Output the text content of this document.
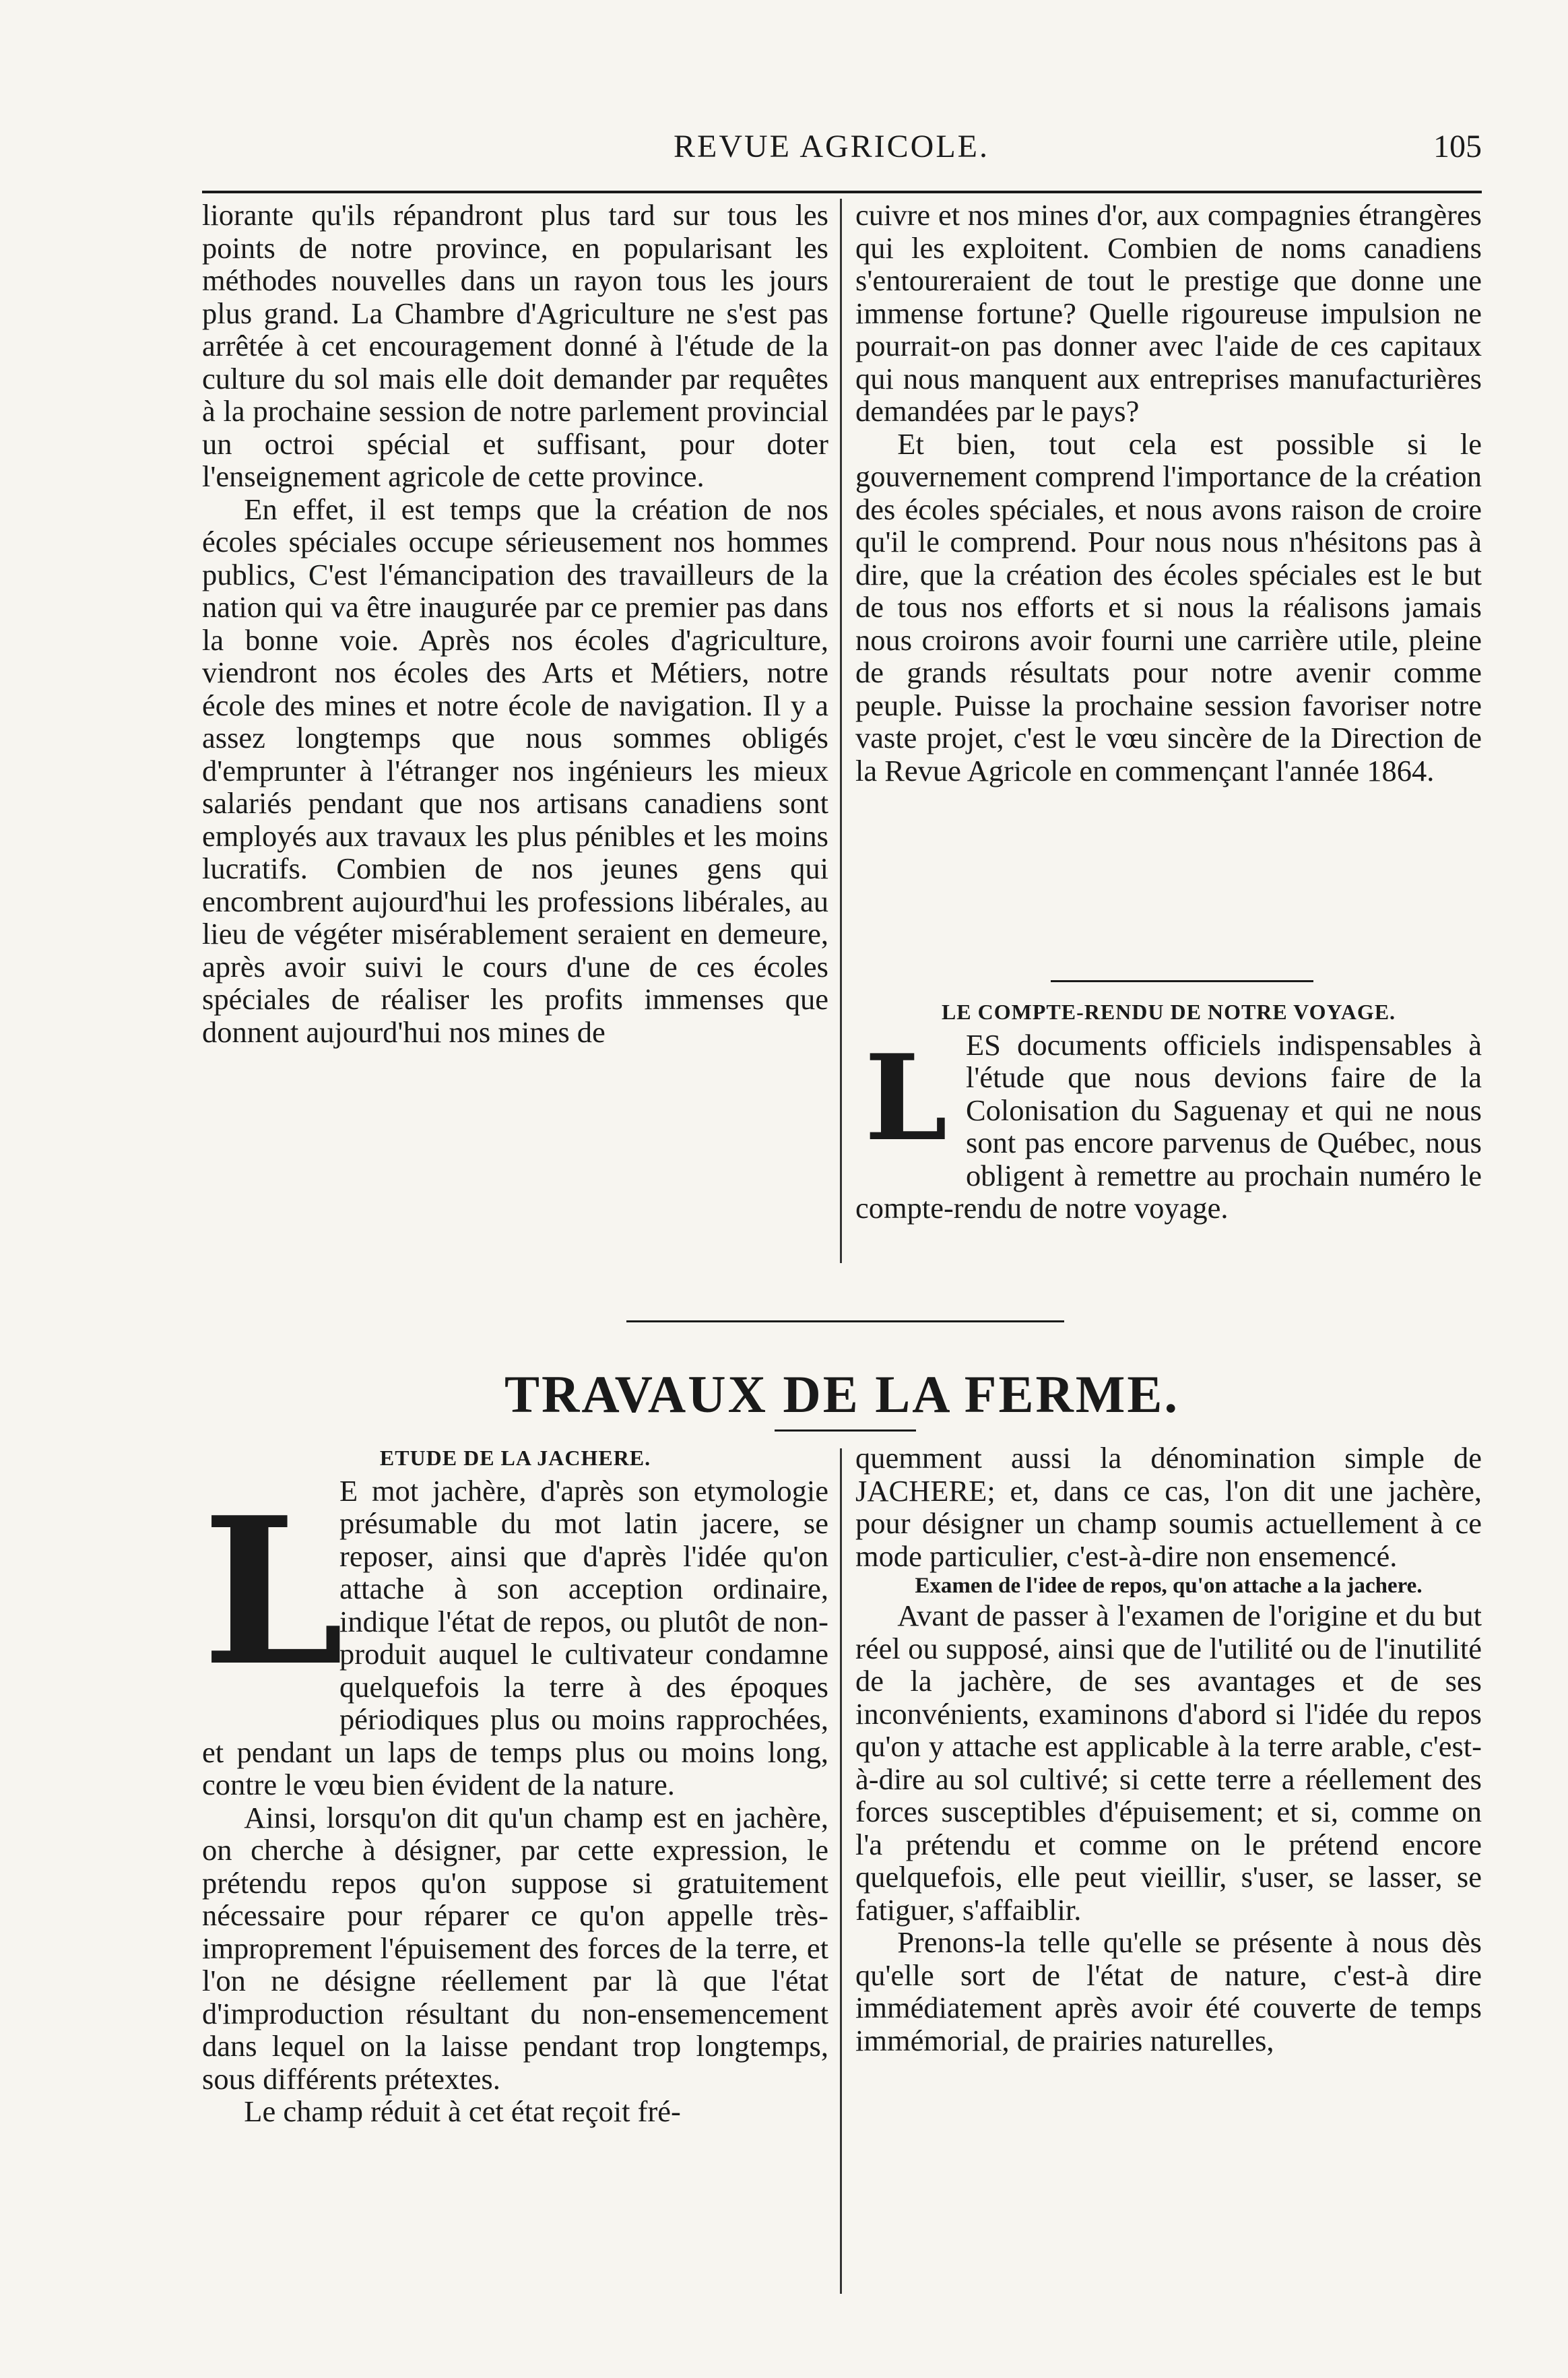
REVUE AGRICOLE.	105

liorante qu'ils répandront plus tard sur tous les points de notre province, en popularisant les méthodes nouvelles dans un rayon tous les jours plus grand. La Chambre d'Agriculture ne s'est pas arrêtée à cet encouragement donné à l'étude de la culture du sol mais elle doit demander par requêtes à la prochaine session de notre parlement provincial un octroi spécial et suffisant, pour doter l'enseignement agricole de cette province.

En effet, il est temps que la création de nos écoles spéciales occupe sérieusement nos hommes publics, C'est l'émancipation des travailleurs de la nation qui va être inaugurée par ce premier pas dans la bonne voie. Après nos écoles d'agriculture, viendront nos écoles des Arts et Métiers, notre école des mines et notre école de navigation. Il y a assez longtemps que nous sommes obligés d'emprunter à l'étranger nos ingénieurs les mieux salariés pendant que nos artisans canadiens sont employés aux travaux les plus pénibles et les moins lucratifs. Combien de nos jeunes gens qui encombrent aujourd'hui les professions libérales, au lieu de végéter misérablement seraient en demeure, après avoir suivi le cours d'une de ces écoles spéciales de réaliser les profits immenses que donnent aujourd'hui nos mines de

cuivre et nos mines d'or, aux compagnies étrangères qui les exploitent. Combien de noms canadiens s'entoureraient de tout le prestige que donne une immense fortune? Quelle rigoureuse impulsion ne pourrait-on pas donner avec l'aide de ces capitaux qui nous manquent aux entreprises manufacturières demandées par le pays?

Et bien, tout cela est possible si le gouvernement comprend l'importance de la création des écoles spéciales, et nous avons raison de croire qu'il le comprend. Pour nous nous n'hésitons pas à dire, que la création des écoles spéciales est le but de tous nos efforts et si nous la réalisons jamais nous croirons avoir fourni une carrière utile, pleine de grands résultats pour notre avenir comme peuple. Puisse la prochaine session favoriser notre vaste projet, c'est le vœu sincère de la Direction de la Revue Agricole en commençant l'année 1864.

LE COMPTE-RENDU DE NOTRE VOYAGE.

LES documents officiels indispensables à l'étude que nous devions faire de la Colonisation du Saguenay et qui ne nous sont pas encore parvenus de Québec, nous obligent à remettre au prochain numéro le compte-rendu de notre voyage.

TRAVAUX DE LA FERME.

ETUDE DE LA JACHERE.

L
E mot jachère, d'après son etymologie présumable du mot latin jacere, se reposer, ainsi que d'après l'idée qu'on attache à son acception ordinaire, indique l'état de repos, ou plutôt de non-produit auquel le cultivateur condamne quelquefois la terre à des époques périodiques plus ou moins rapprochées, et pendant un laps de temps plus ou moins long, contre le vœu bien évident de la nature.

Ainsi, lorsqu'on dit qu'un champ est en jachère, on cherche à désigner, par cette expression, le prétendu repos qu'on suppose si gratuitement nécessaire pour réparer ce qu'on appelle très-improprement l'épuisement des forces de la terre, et l'on ne désigne réellement par là que l'état d'improduction résultant du non-ensemencement dans lequel on la laisse pendant trop longtemps, sous différents prétextes.

Le champ réduit à cet état reçoit fré-

quemment aussi la dénomination simple de JACHERE; et, dans ce cas, l'on dit une jachère, pour désigner un champ soumis actuellement à ce mode particulier, c'est-à-dire non ensemencé.

Examen de l'idee de repos, qu'on attache a la jachere.

Avant de passer à l'examen de l'origine et du but réel ou supposé, ainsi que de l'utilité ou de l'inutilité de la jachère, de ses avantages et de ses inconvénients, examinons d'abord si l'idée du repos qu'on y attache est applicable à la terre arable, c'est-à-dire au sol cultivé; si cette terre a réellement des forces susceptibles d'épuisement; et si, comme on l'a prétendu et comme on le prétend encore quelquefois, elle peut vieillir, s'user, se lasser, se fatiguer, s'affaiblir.

Prenons-la telle qu'elle se présente à nous dès qu'elle sort de l'état de nature, c'est-à dire immédiatement après avoir été couverte de temps immémorial, de prairies naturelles,
